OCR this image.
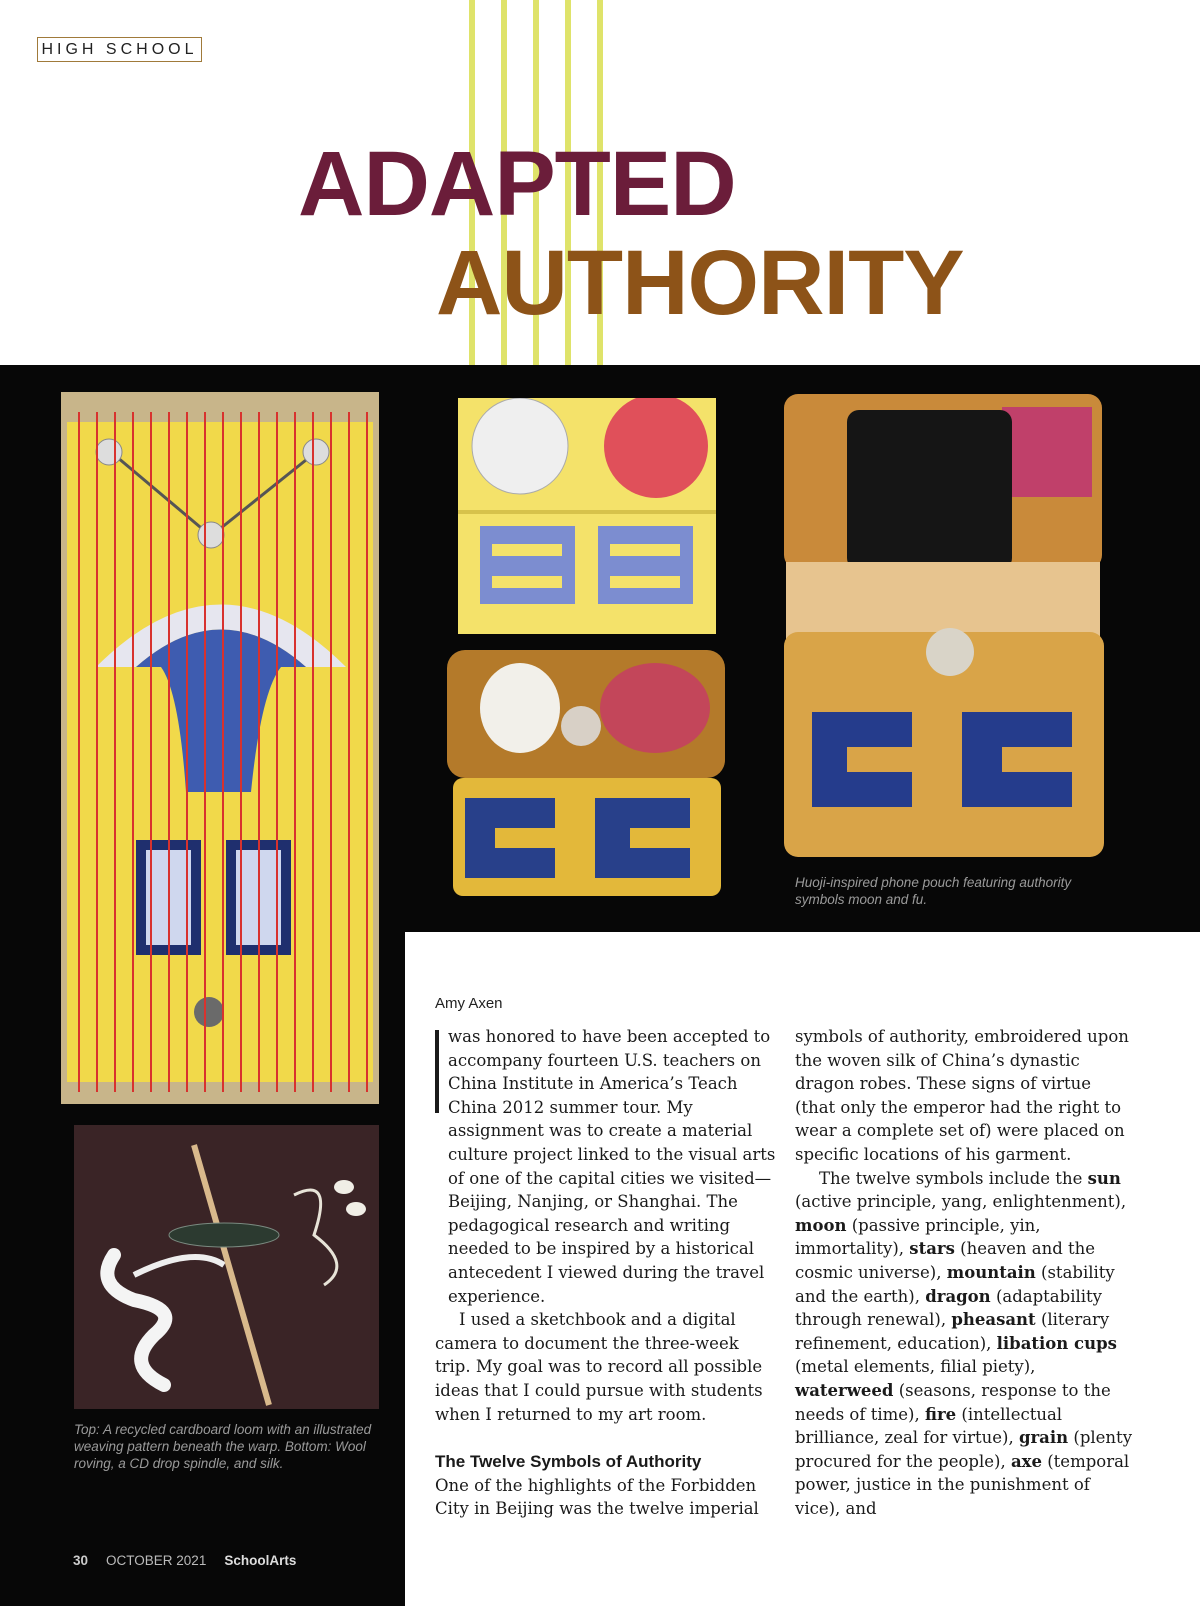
HIGH SCHOOL
ADAPTED
AUTHORITY
Huoji-inspired phone pouch featuring authority symbols moon and fu.
Top: A recycled cardboard loom with an illustrated weaving pattern beneath the warp. Bottom: Wool roving, a CD drop spindle, and silk.
Amy Axen

was honored to have been accepted to accompany fourteen U.S. teachers on China Institute in America’s Teach China 2012 summer tour. My assignment was to create a material culture project linked to the visual arts of one of the capital cities we visited—Beijing, Nanjing, or Shanghai. The pedagogical research and writing needed to be inspired by a historical antecedent I viewed during the travel experience.

I used a sketchbook and a digital camera to document the three-week trip. My goal was to record all possible ideas that I could pursue with students when I returned to my art room.

The Twelve Symbols of Authority

One of the highlights of the Forbidden City in Beijing was the twelve imperial

symbols of authority, embroidered upon the woven silk of China’s dynastic dragon robes. These signs of virtue (that only the emperor had the right to wear a complete set of) were placed on specific locations of his garment.

The twelve symbols include the sun (active principle, yang, enlightenment), moon (passive principle, yin, immortality), stars (heaven and the cosmic universe), mountain (stability and the earth), dragon (adaptability through renewal), pheasant (literary refinement, education), libation cups (metal elements, filial piety), waterweed (seasons, response to the needs of time), fire (intellectual brilliance, zeal for virtue), grain (plenty procured for the people), axe (temporal power, justice in the punishment of vice), and

30 OCTOBER 2021 SchoolArts
